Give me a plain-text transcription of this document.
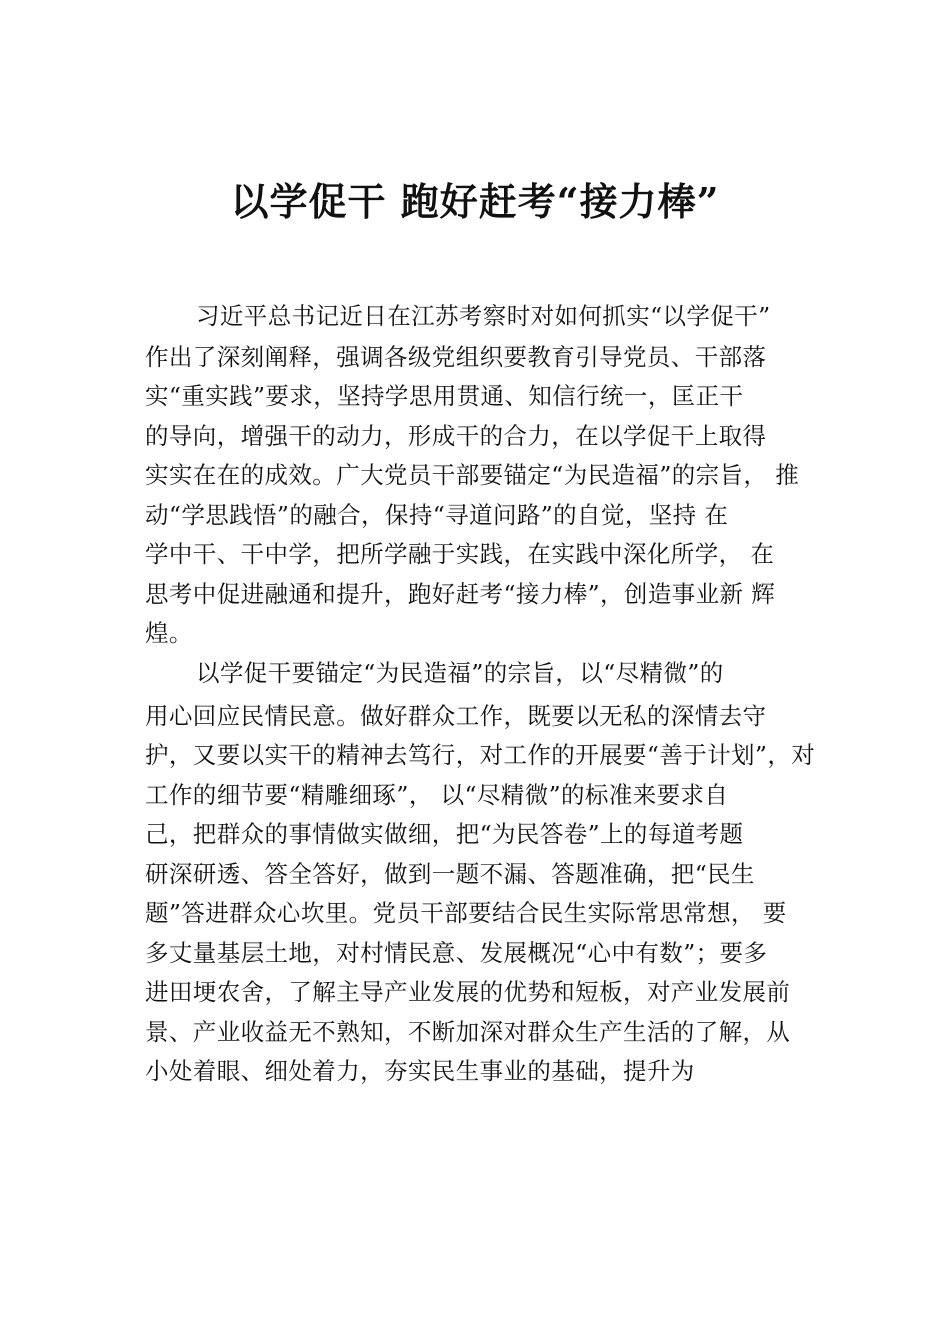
以学促干 跑好赶考“接力棒”

习近平总书记近日在江苏考察时对如何抓实“以学促干”

作出了深刻阐释，强调各级党组织要教育引导党员、干部落

实“重实践”要求，坚持学思用贯通、知信行统一，匡正干

的导向，增强干的动力，形成干的合力，在以学促干上取得

实实在在的成效。广大党员干部要锚定“为民造福”的宗旨， 推

动“学思践悟”的融合，保持“寻道问路”的自觉，坚持 在

学中干、干中学，把所学融于实践，在实践中深化所学， 在

思考中促进融通和提升，跑好赶考“接力棒”，创造事业新 辉

煌。

以学促干要锚定“为民造福”的宗旨，以“尽精微”的

用心回应民情民意。做好群众工作，既要以无私的深情去守

护，又要以实干的精神去笃行，对工作的开展要“善于计划”，对

工作的细节要“精雕细琢”， 以“尽精微”的标准来要求自

己，把群众的事情做实做细，把“为民答卷”上的每道考题

研深研透、答全答好，做到一题不漏、答题准确，把“民生

题”答进群众心坎里。党员干部要结合民生实际常思常想， 要

多丈量基层土地，对村情民意、发展概况“心中有数”；要多

进田埂农舍，了解主导产业发展的优势和短板，对产业发展前

景、产业收益无不熟知，不断加深对群众生产生活的了解，从

小处着眼、细处着力，夯实民生事业的基础，提升为
